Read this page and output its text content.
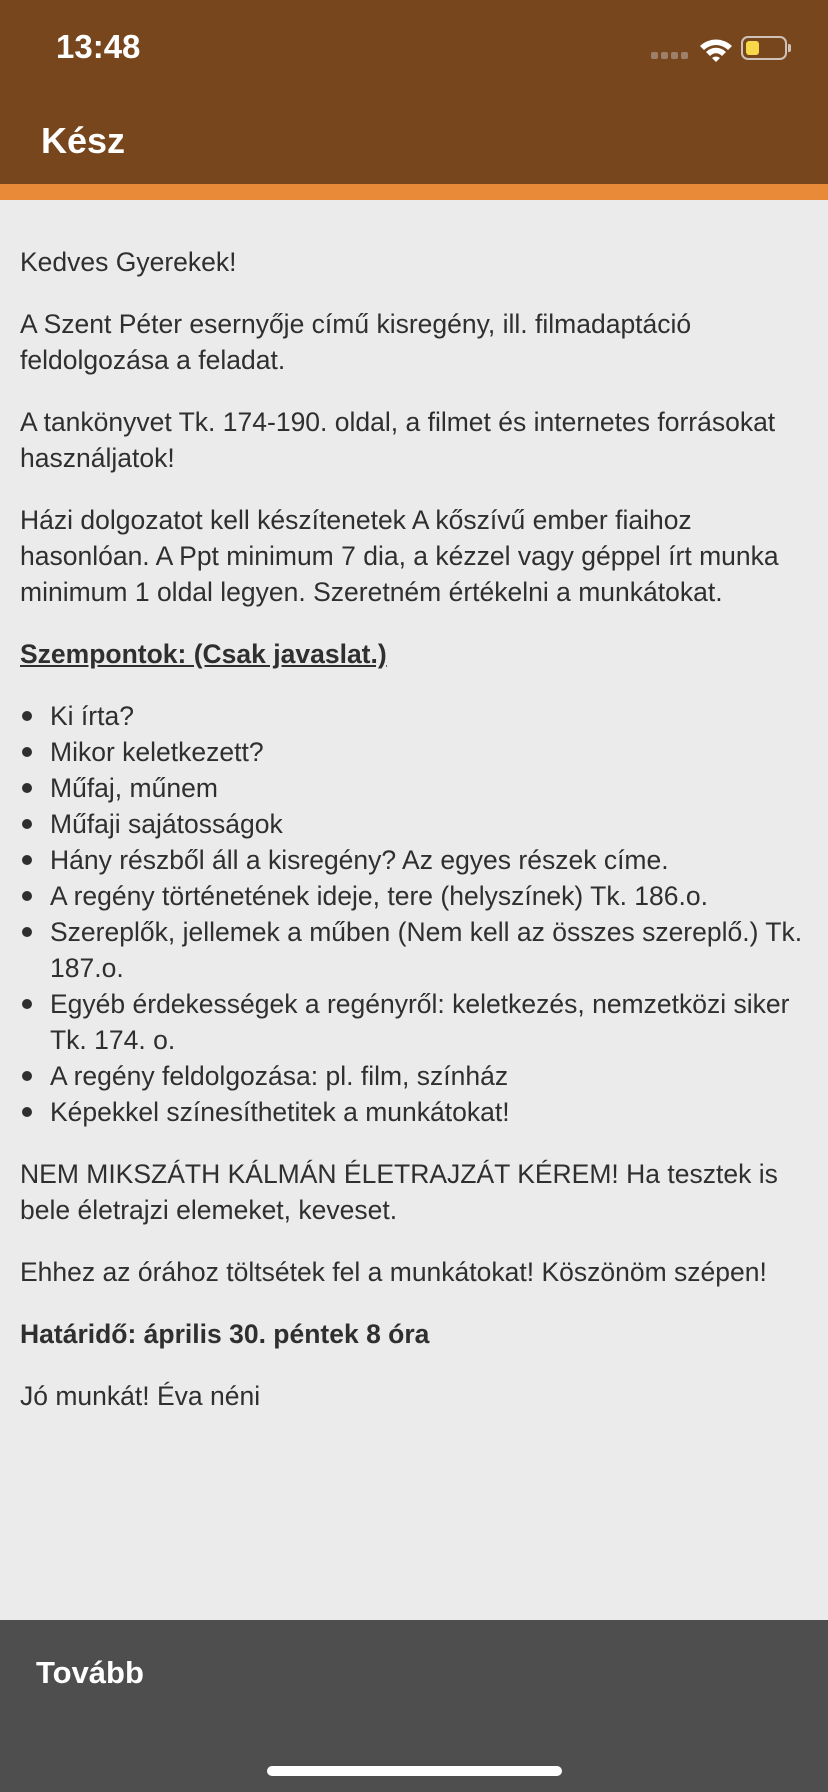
13:48
Kész

Kedves Gyerekek!

A Szent Péter esernyője című kisregény, ill. filmadaptáció feldolgozása a feladat.

A tankönyvet Tk. 174-190. oldal, a filmet és internetes forrásokat használjatok!

Házi dolgozatot kell készítenetek A kőszívű ember fiaihoz hasonlóan. A Ppt minimum 7 dia, a kézzel vagy géppel írt munka minimum 1 oldal legyen. Szeretném értékelni a munkátokat.

Szempontok: (Csak javaslat.)

Ki írta?
Mikor keletkezett?
Műfaj, műnem
Műfaji sajátosságok
Hány részből áll a kisregény? Az egyes részek címe.
A regény történetének ideje, tere (helyszínek) Tk. 186.o.
Szereplők, jellemek a műben (Nem kell az összes szereplő.) Tk. 187.o.
Egyéb érdekességek a regényről: keletkezés, nemzetközi siker Tk. 174. o.
A regény feldolgozása: pl. film, színház
Képekkel színesíthetitek a munkátokat!

NEM MIKSZÁTH KÁLMÁN ÉLETRAJZÁT KÉREM! Ha tesztek is bele életrajzi elemeket, keveset.

Ehhez az órához töltsétek fel a munkátokat! Köszönöm szépen!

Határidő: április 30. péntek 8 óra

Jó munkát! Éva néni

Tovább
